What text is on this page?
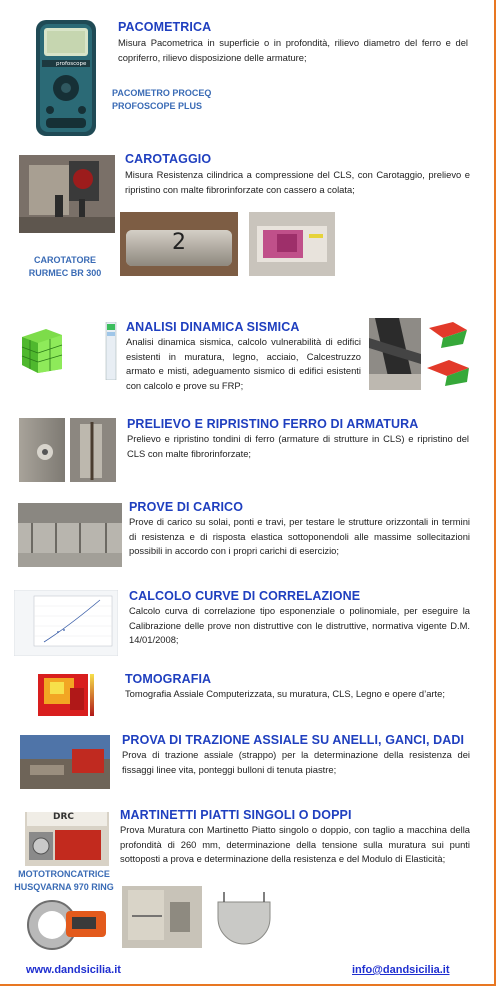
profoscope
PACOMETRICA
Misura Pacometrica in superficie o in profondità, rilievo diametro del ferro e del copriferro, rilievo disposizione delle armature;
PACOMETRO PROCEQ
PROFOSCOPE PLUS
CAROTAGGIO
Misura Resistenza cilindrica a compressione del CLS, con Carotaggio, prelievo e ripristino con malte fibrorinforzate con cassero a colata;
2
CAROTATORE
RURMEC BR 300
ANALISI DINAMICA SISMICA
Analisi dinamica sismica, calcolo vulnerabilità di edifici esistenti in muratura, legno, acciaio, Calcestruzzo armato e misti, adeguamento sismico di edifici esistenti con calcolo e prove su FRP;
PRELIEVO E RIPRISTINO FERRO DI ARMATURA
Prelievo e ripristino tondini di ferro (armature di strutture in CLS) e ripristino del CLS con malte fibrorinforzate;
PROVE DI CARICO
Prove di carico su solai, ponti e travi, per testare le strutture orizzontali in termini di resistenza e di risposta elastica sottoponendoli alle massime sollecitazioni possibili in accordo con i propri carichi di esercizio;
CALCOLO CURVE DI CORRELAZIONE
Calcolo curva di correlazione tipo esponenziale o polinomiale, per eseguire la Calibrazione delle prove non distruttive con le distruttive, normativa vigente D.M. 14/01/2008;
TOMOGRAFIA
Tomografia Assiale Computerizzata, su muratura, CLS, Legno e opere d’arte;
PROVA DI TRAZIONE ASSIALE SU ANELLI, GANCI, DADI
Prova di trazione assiale (strappo) per la determinazione della resistenza dei fissaggi linee vita, ponteggi bulloni di tenuta piastre;
DRC	MARTINETTI PIATTI SINGOLI O DOPPI
Prova Muratura con Martinetto Piatto singolo o doppio, con taglio a macchina della profondità di 260 mm, determinazione della tensione sulla muratura sui punti sottoposti a prova e determinazione della resistenza e del Modulo di Elasticità;
MOTOTRONCATRICE
HUSQVARNA 970 RING
www.dandsicilia.it	info@dandsicilia.it
